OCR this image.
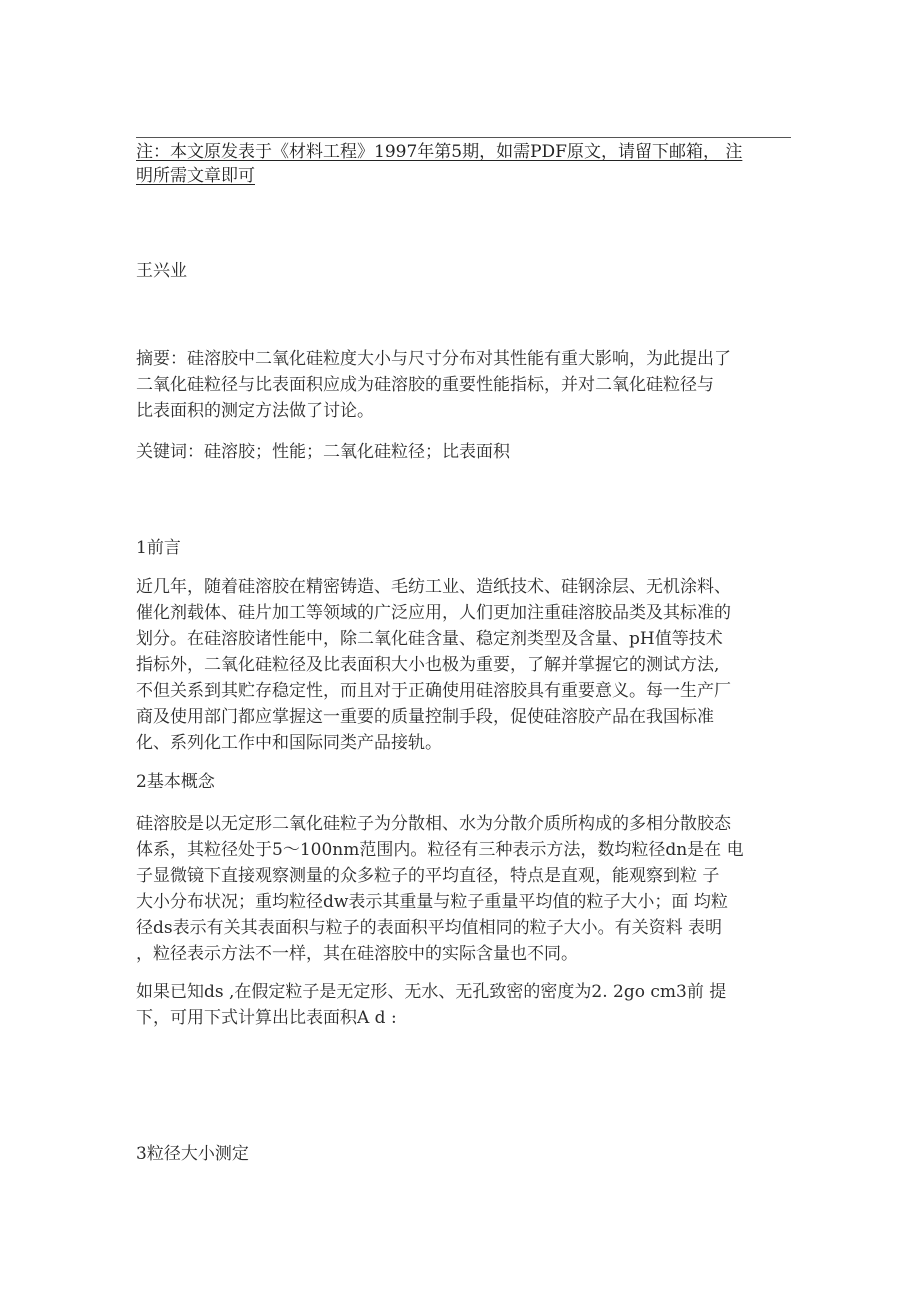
注：本文原发表于《材料工程》1997年第5期，如需PDF原文，请留下邮箱， 注

明所需文章即可

王兴业

摘要：硅溶胶中二氧化硅粒度大小与尺寸分布对其性能有重大影响，为此提出了
二氧化硅粒径与比表面积应成为硅溶胶的重要性能指标，并对二氧化硅粒径与
比表面积的测定方法做了讨论。

关键词：硅溶胶；性能；二氧化硅粒径；比表面积

1前言

近几年，随着硅溶胶在精密铸造、毛纺工业、造纸技术、硅钢涂层、无机涂料、
催化剂载体、硅片加工等领域的广泛应用，人们更加注重硅溶胶品类及其标准的
划分。在硅溶胶诸性能中，除二氧化硅含量、稳定剂类型及含量、pH值等技术
指标外，二氧化硅粒径及比表面积大小也极为重要，了解并掌握它的测试方法,
不但关系到其贮存稳定性，而且对于正确使用硅溶胶具有重要意义。每一生产厂
商及使用部门都应掌握这一重要的质量控制手段，促使硅溶胶产品在我国标准
化、系列化工作中和国际同类产品接轨。

2基本概念

硅溶胶是以无定形二氧化硅粒子为分散相、水为分散介质所构成的多相分散胶态
体系，其粒径处于5～100nm范围内。粒径有三种表示方法，数均粒径dn是在 电
子显微镜下直接观察测量的众多粒子的平均直径，特点是直观，能观察到粒 子
大小分布状况；重均粒径dw表示其重量与粒子重量平均值的粒子大小；面 均粒
径ds表示有关其表面积与粒子的表面积平均值相同的粒子大小。有关资料 表明
，粒径表示方法不一样，其在硅溶胶中的实际含量也不同。
如果已知ds ,在假定粒子是无定形、无水、无孔致密的密度为2. 2go cm3前 提
下，可用下式计算出比表面积A d :

3粒径大小测定
